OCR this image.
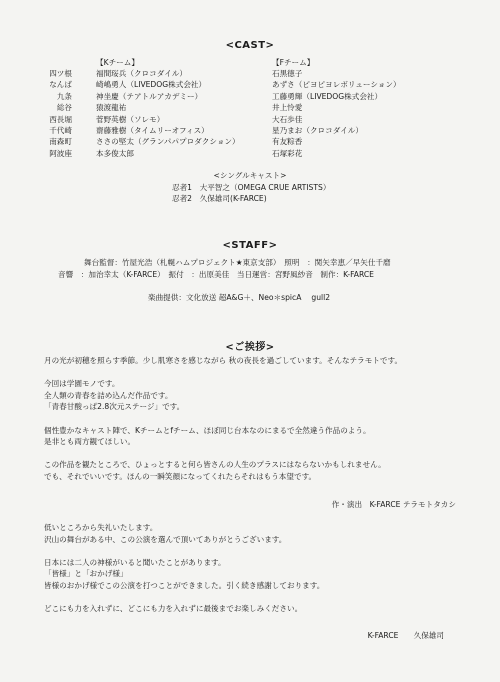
<CAST>
【Kチーム】	【Fチーム】
四ツ根
なんば
九条
総谷
西長堀
千代崎
南森町
阿波座
福間珱兵（クロコダイル）
崎嶋勇人（LIVEDOG株式会社）
神坐慶（テアトルアカデミー）
猿渡龍祐
菅野英樹（ソレモ）
齋藤雅樹（タイムリーオフィス）
ささの堅太（グランパパプロダクション）
本多俊太郎
石黒徳子
あずさ（ピヨピヨレボリューション）
工藤勇輝（LIVEDOG株式会社）
井上怜愛
大石歩佳
星乃まお（クロコダイル）
有友粽香
石塚彩花
<シングルキャスト>
忍者1　大平智之（OMEGA CRUE ARTISTS）
忍者2　久保雄司(K-FARCE)
<STAFF>
舞台監督：竹屋光浩（札幌ハムプロジェクト★東京支部）　照明　：関矢幸恵／早矢仕千磨
音響　：加治幸太（K-FARCE）　振付　：出原美佳　当日運営：宮野風紗音　制作：K-FARCE
楽曲提供：文化放送 超A&G＋、Neo＊spicA　 gull2
<ご挨拶>
月の光が初穂を照らす季節。少し肌寒さを感じながら 秋の夜長を過ごしています。そんなテラモトです。
今回は学園モノです。
全人類の青春を詰め込んだ作品です。
「青春甘酸っぱ2.8次元ステージ」です。
個性豊かなキャスト陣で、Kチームとfチーム、ほぼ同じ台本なのにまるで全然違う作品のよう。
是非とも両方観てほしい。
この作品を観たところで、ひょっとすると何ら皆さんの人生のプラスにはならないかもしれません。
でも、それでいいです。ほんの一瞬笑顔になってくれたらそれはもう本望です。
作・演出　K-FARCE テラモトタカシ
低いところから失礼いたします。
沢山の舞台がある中、この公演を選んで頂いてありがとうございます。
日本には二人の神様がいると聞いたことがあります。
「皆様」と「おかげ様」
皆様のおかげ様でこの公演を打つことができました。引く続き感謝しております。
どこにも力を入れずに、どこにも力を入れずに最後までお楽しみください。
K-FARCE　　久保雄司
